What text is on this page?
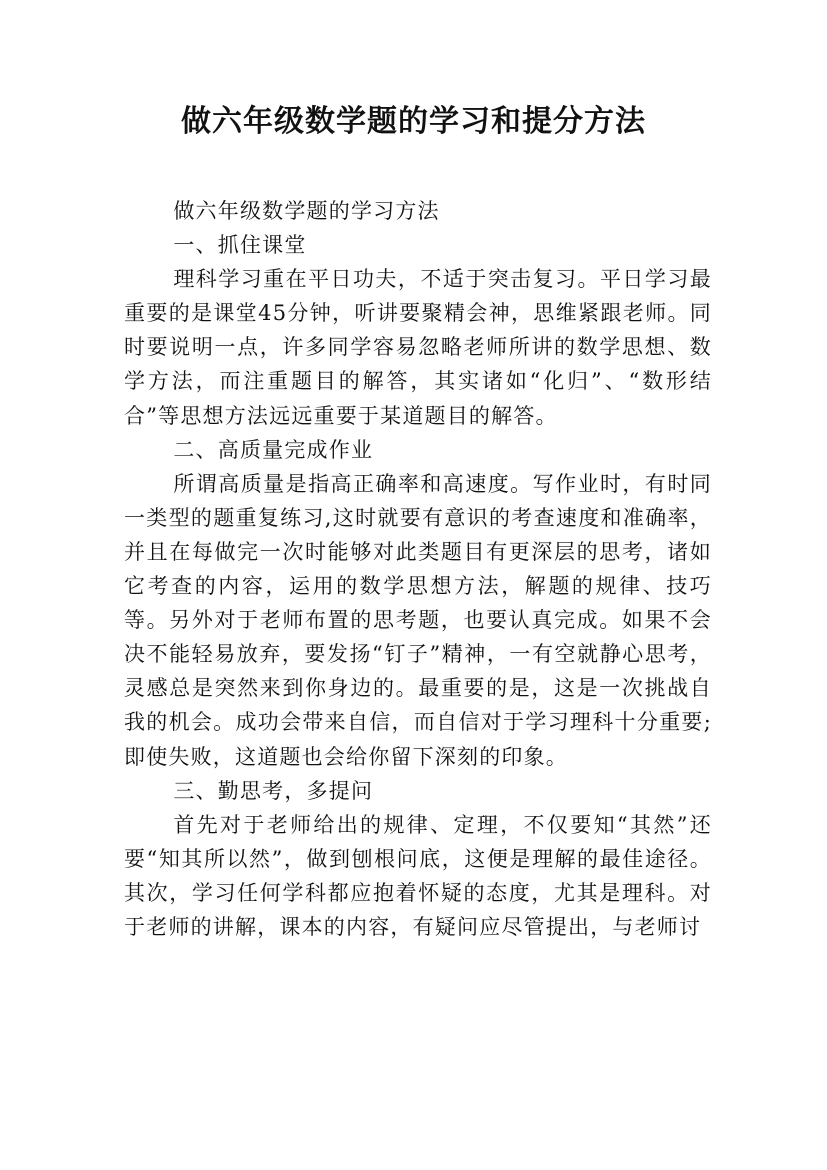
做六年级数学题的学习和提分方法

做六年级数学题的学习方法

一、抓住课堂

理科学习重在平日功夫，不适于突击复习。平日学习最重要的是课堂45分钟，听讲要聚精会神，思维紧跟老师。同时要说明一点，许多同学容易忽略老师所讲的数学思想、数学方法，而注重题目的解答，其实诸如“化归”、“数形结合”等思想方法远远重要于某道题目的解答。

二、高质量完成作业

所谓高质量是指高正确率和高速度。写作业时，有时同一类型的题重复练习,这时就要有意识的考查速度和准确率，并且在每做完一次时能够对此类题目有更深层的思考，诸如它考查的内容，运用的数学思想方法，解题的规律、技巧等。另外对于老师布置的思考题，也要认真完成。如果不会决不能轻易放弃，要发扬“钉子”精神，一有空就静心思考，灵感总是突然来到你身边的。最重要的是，这是一次挑战自我的机会。成功会带来自信，而自信对于学习理科十分重要;即使失败，这道题也会给你留下深刻的印象。

三、勤思考，多提问

首先对于老师给出的规律、定理，不仅要知“其然”还要“知其所以然”，做到刨根问底，这便是理解的最佳途径。其次，学习任何学科都应抱着怀疑的态度，尤其是理科。对于老师的讲解，课本的内容，有疑问应尽管提出，与老师讨
